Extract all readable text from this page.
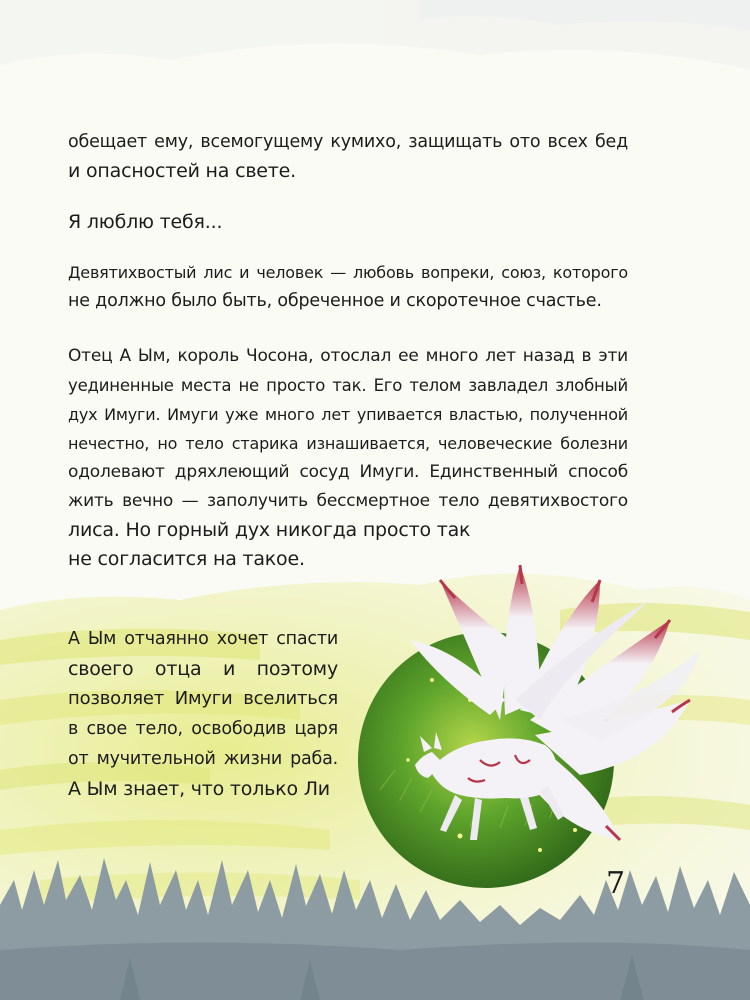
обещает ему, всемогущему кумихо, защищать ото всех бед
и опасностей на свете.
Я люблю тебя...
Девятихвостый лис и человек — любовь вопреки, союз, которого
не должно было быть, обреченное и скоротечное счастье.
Отец А Ым, король Чосона, отослал ее много лет назад в эти
уединенные места не просто так. Его телом завладел злобный
дух Имуги. Имуги уже много лет упивается властью, полученной
нечестно, но тело старика изнашивается, человеческие болезни
одолевают дряхлеющий сосуд Имуги. Единственный способ
жить вечно — заполучить бессмертное тело девятихвостого
лиса. Но горный дух никогда просто так
не согласится на такое.
А Ым отчаянно хочет спасти
своего отца и поэтому
позволяет Имуги вселиться
в свое тело, освободив царя
от мучительной жизни раба.
А Ым знает, что только Ли
7
